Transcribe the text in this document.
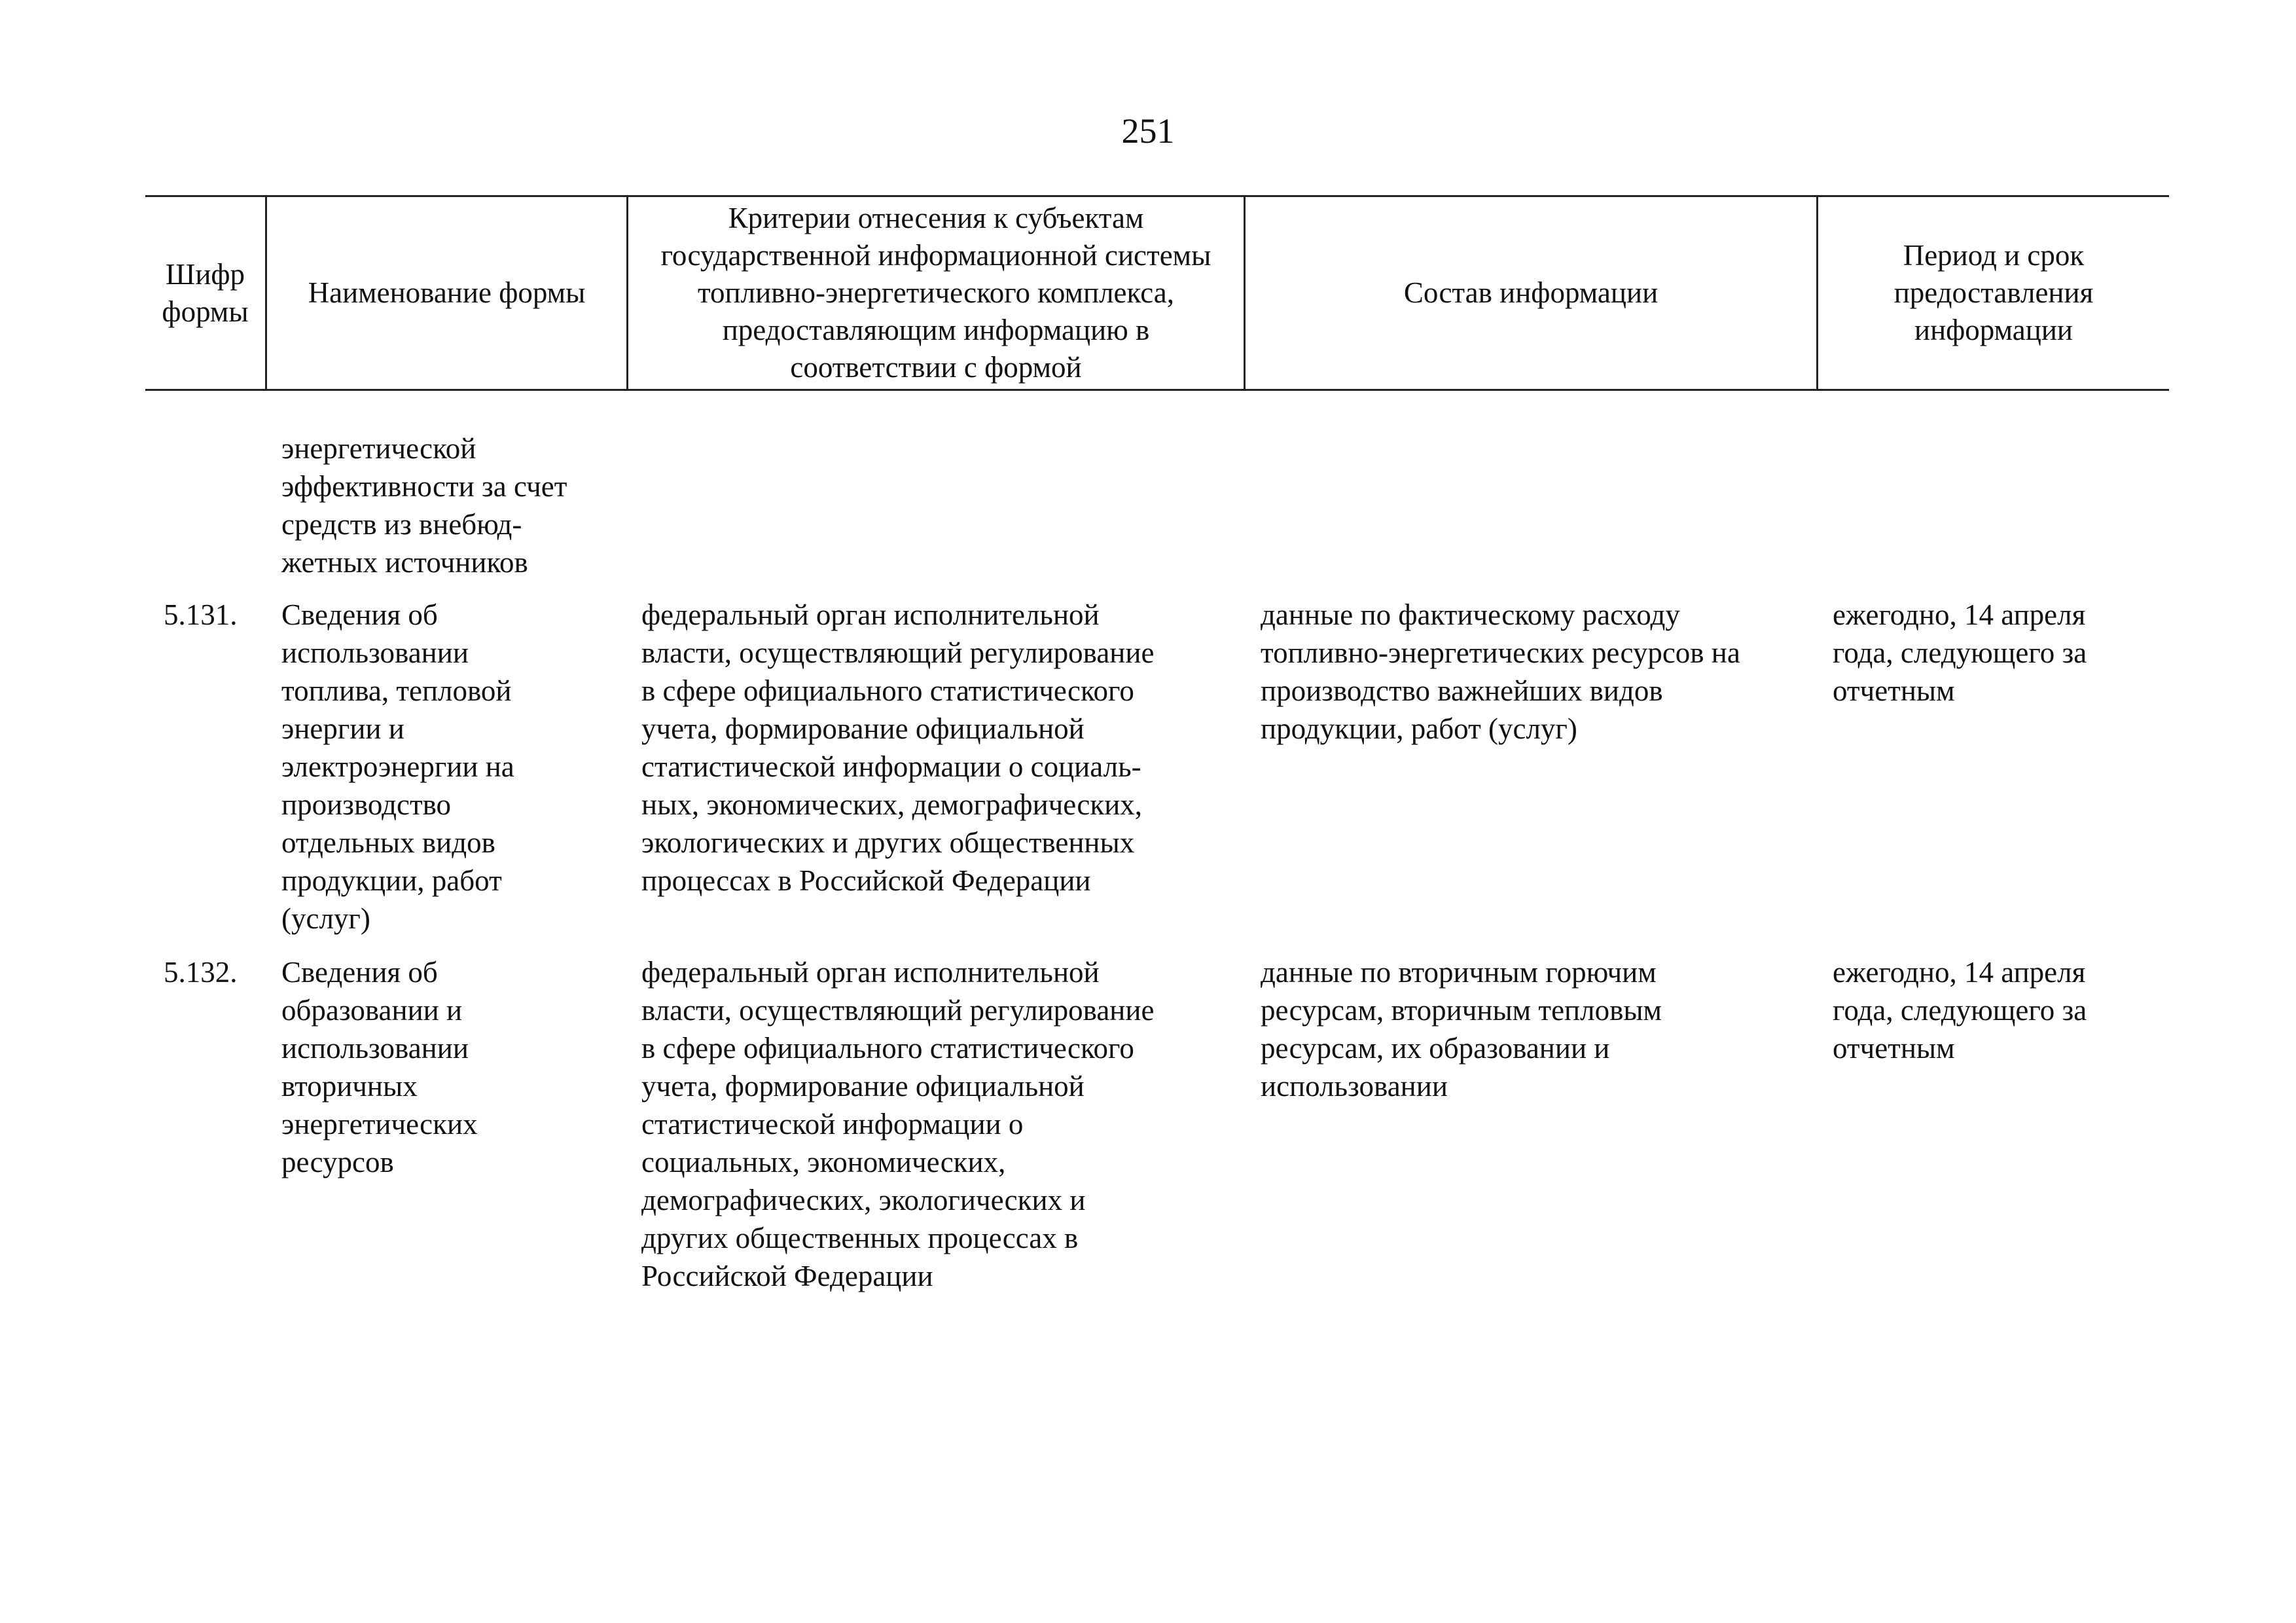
251
Шифр формы
Наименование формы
Критерии отнесения к субъектам государственной информационной системы топливно-энергетического комплекса, предоставляющим информацию в соответствии с формой
Состав информации
Период и срок предоставления информации
энергетической
эффективности за счет
средств из внебюд-
жетных источников
5.131. Сведения об
использовании
топлива, тепловой
энергии и
электроэнергии на
производство
отдельных видов
продукции, работ
(услуг)
федеральный орган исполнительной
власти, осуществляющий регулирование
в сфере официального статистического
учета, формирование официальной
статистической информации о социаль-
ных, экономических, демографических,
экологических и других общественных
процессах в Российской Федерации
данные по фактическому расходу
топливно-энергетических ресурсов на
производство важнейших видов
продукции, работ (услуг)
ежегодно, 14 апреля
года, следующего за
отчетным
5.132. Сведения об
образовании и
использовании
вторичных
энергетических
ресурсов
федеральный орган исполнительной
власти, осуществляющий регулирование
в сфере официального статистического
учета, формирование официальной
статистической информации о
социальных, экономических,
демографических, экологических и
других общественных процессах в
Российской Федерации
данные по вторичным горючим
ресурсам, вторичным тепловым
ресурсам, их образовании и
использовании
ежегодно, 14 апреля
года, следующего за
отчетным
